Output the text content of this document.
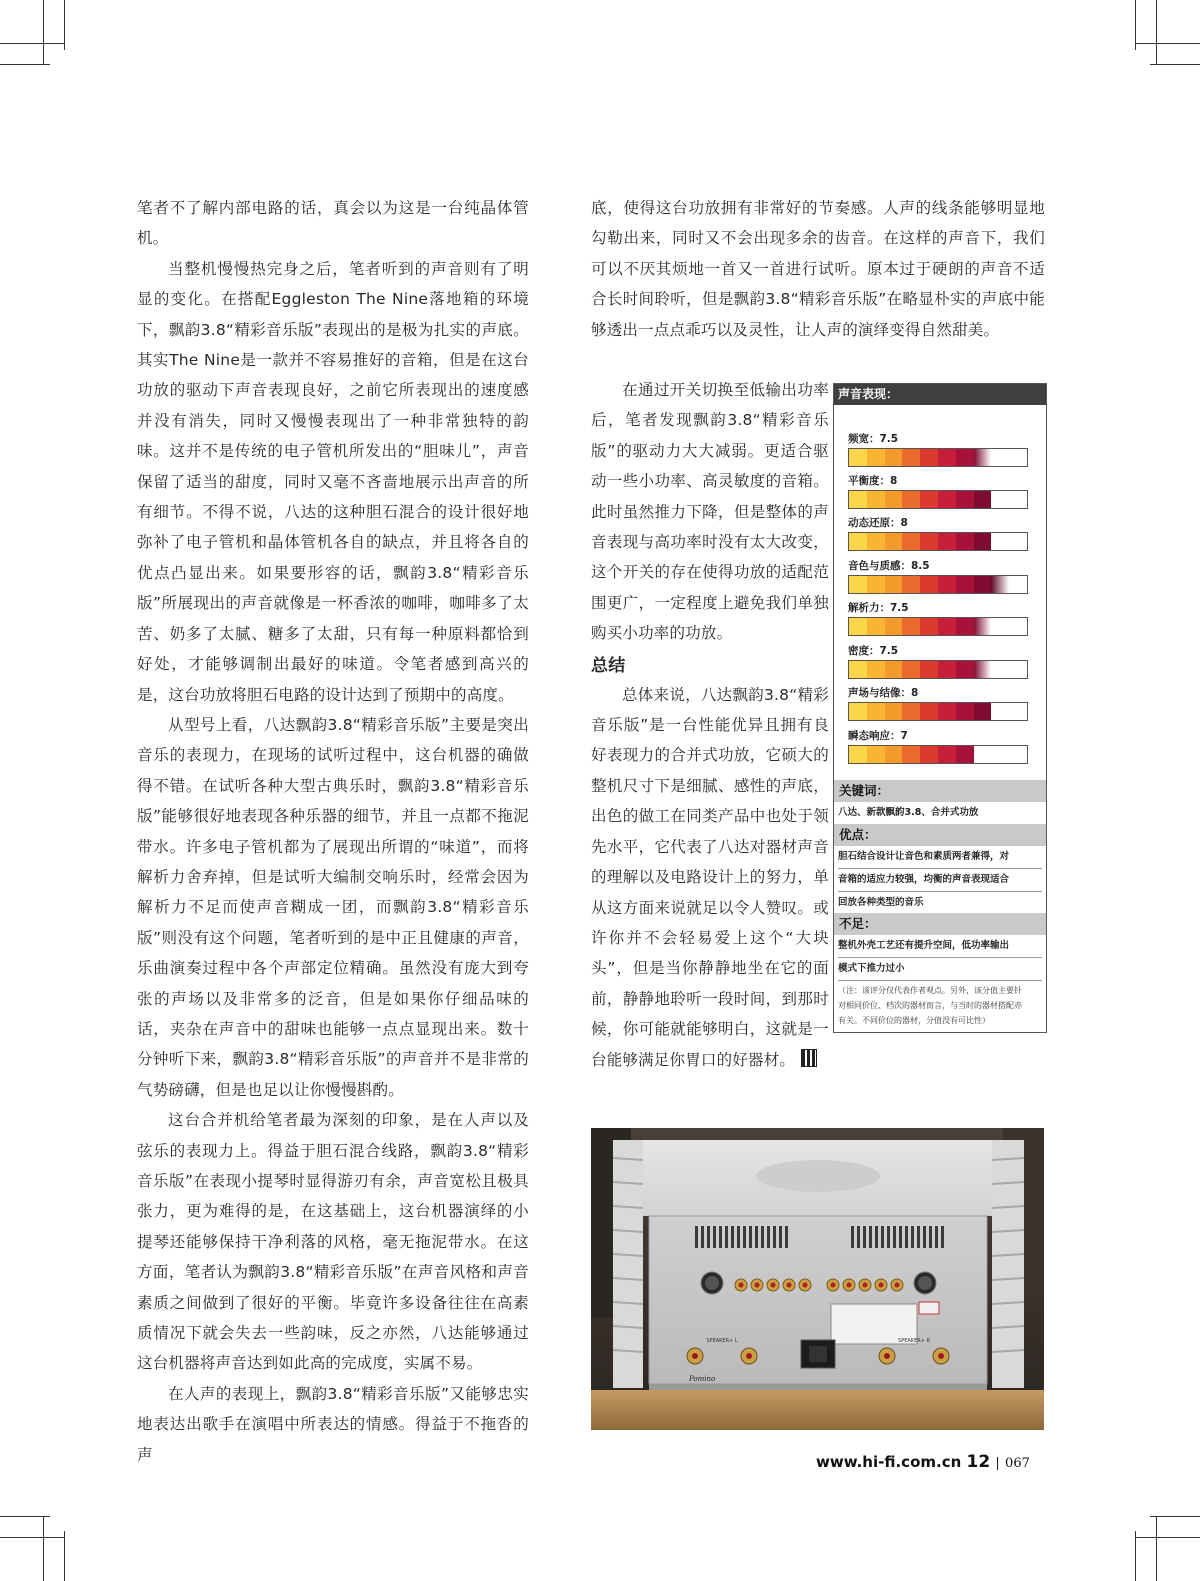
笔者不了解内部电路的话，真会以为这是一台纯晶体管机。

当整机慢慢热完身之后，笔者听到的声音则有了明显的变化。在搭配Eggleston The Nine落地箱的环境下，飘韵3.8“精彩音乐版”表现出的是极为扎实的声底。其实The Nine是一款并不容易推好的音箱，但是在这台功放的驱动下声音表现良好，之前它所表现出的速度感并没有消失，同时又慢慢表现出了一种非常独特的韵味。这并不是传统的电子管机所发出的“胆味儿”，声音保留了适当的甜度，同时又毫不吝啬地展示出声音的所有细节。不得不说，八达的这种胆石混合的设计很好地弥补了电子管机和晶体管机各自的缺点，并且将各自的优点凸显出来。如果要形容的话，飘韵3.8“精彩音乐版”所展现出的声音就像是一杯香浓的咖啡，咖啡多了太苦、奶多了太腻、糖多了太甜，只有每一种原料都恰到好处，才能够调制出最好的味道。令笔者感到高兴的是，这台功放将胆石电路的设计达到了预期中的高度。

从型号上看，八达飘韵3.8“精彩音乐版”主要是突出音乐的表现力，在现场的试听过程中，这台机器的确做得不错。在试听各种大型古典乐时，飘韵3.8“精彩音乐版”能够很好地表现各种乐器的细节，并且一点都不拖泥带水。许多电子管机都为了展现出所谓的“味道”，而将解析力舍弃掉，但是试听大编制交响乐时，经常会因为解析力不足而使声音糊成一团，而飘韵3.8“精彩音乐版”则没有这个问题，笔者听到的是中正且健康的声音，乐曲演奏过程中各个声部定位精确。虽然没有庞大到夸张的声场以及非常多的泛音，但是如果你仔细品味的话，夹杂在声音中的甜味也能够一点点显现出来。数十分钟听下来，飘韵3.8“精彩音乐版”的声音并不是非常的气势磅礴，但是也足以让你慢慢斟酌。

这台合并机给笔者最为深刻的印象，是在人声以及弦乐的表现力上。得益于胆石混合线路，飘韵3.8“精彩音乐版”在表现小提琴时显得游刃有余，声音宽松且极具张力，更为难得的是，在这基础上，这台机器演绎的小提琴还能够保持干净利落的风格，毫无拖泥带水。在这方面，笔者认为飘韵3.8“精彩音乐版”在声音风格和声音素质之间做到了很好的平衡。毕竟许多设备往往在高素质情况下就会失去一些韵味，反之亦然，八达能够通过这台机器将声音达到如此高的完成度，实属不易。

在人声的表现上，飘韵3.8“精彩音乐版”又能够忠实地表达出歌手在演唱中所表达的情感。得益于不拖沓的声

底，使得这台功放拥有非常好的节奏感。人声的线条能够明显地勾勒出来，同时又不会出现多余的齿音。在这样的声音下，我们可以不厌其烦地一首又一首进行试听。原本过于硬朗的声音不适合长时间聆听，但是飘韵3.8“精彩音乐版”在略显朴实的声底中能够透出一点点乖巧以及灵性，让人声的演绎变得自然甜美。

在通过开关切换至低输出功率后，笔者发现飘韵3.8“精彩音乐版”的驱动力大大减弱。更适合驱动一些小功率、高灵敏度的音箱。此时虽然推力下降，但是整体的声音表现与高功率时没有太大改变，这个开关的存在使得功放的适配范围更广，一定程度上避免我们单独购买小功率的功放。

总结

总体来说，八达飘韵3.8“精彩音乐版”是一台性能优异且拥有良好表现力的合并式功放，它硕大的整机尺寸下是细腻、感性的声底，出色的做工在同类产品中也处于领先水平，它代表了八达对器材声音的理解以及电路设计上的努力，单从这方面来说就足以令人赞叹。或许你并不会轻易爱上这个“大块头”，但是当你静静地坐在它的面前，静静地聆听一段时间，到那时候，你可能就能够明白，这就是一台能够满足你胃口的好器材。

声音表现：
频宽：7.5
平衡度：8
动态还原：8
音色与质感：8.5
解析力：7.5
密度：7.5
声场与结像：8
瞬态响应：7
关键词：
八达、新款飘韵3.8、合并式功放
优点：
胆石结合设计让音色和素质两者兼得，对
音箱的适应力较强，均衡的声音表现适合
回放各种类型的音乐
不足：
整机外壳工艺还有提升空间，低功率输出
模式下推力过小
（注：该评分仅代表作者观点。另外，该分值主要针
对相同价位、档次的器材而言，与当时的器材搭配亦
有关。不同价位的器材，分值没有可比性）
SPEAKER+ L	SPEAKER+ R
Pomino
www.hi-fi.com.cn 12 | 067
